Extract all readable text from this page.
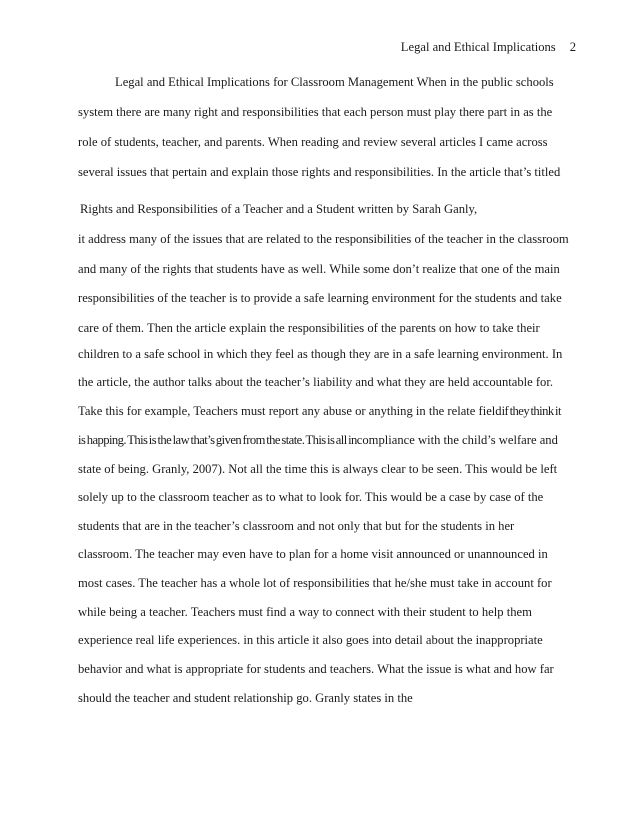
Legal and Ethical Implications 2
Legal and Ethical Implications for Classroom Management When in the public schools
system there are many right and responsibilities that each person must play there part in as the
role of students, teacher, and parents. When reading and review several articles I came across
several issues that pertain and explain those rights and responsibilities. In the article that’s titled
Rights and Responsibilities of a Teacher and a Student written by Sarah Ganly,
it address many of the issues that are related to the responsibilities of the teacher in the classroom
and many of the rights that students have as well. While some don’t realize that one of the main
responsibilities of the teacher is to provide a safe learning environment for the students and take
care of them. Then the article explain the responsibilities of the parents on how to take their
children to a safe school in which they feel as though they are in a safe learning environment. In
the article, the author talks about the teacher’s liability and what they are held accountable for.
Take this for example, Teachers must report any abuse or anything in the relate fieldif they think it
is happing. This is the law that’s given from the state. This is all incompliance with the child’s welfare and
state of being. Granly, 2007). Not all the time this is always clear to be seen. This would be left
solely up to the classroom teacher as to what to look for. This would be a case by case of the
students that are in the teacher’s classroom and not only that but for the students in her
classroom. The teacher may even have to plan for a home visit announced or unannounced in
most cases. The teacher has a whole lot of responsibilities that he/she must take in account for
while being a teacher. Teachers must find a way to connect with their student to help them
experience real life experiences. in this article it also goes into detail about the inappropriate
behavior and what is appropriate for students and teachers. What the issue is what and how far
should the teacher and student relationship go. Granly states in the
